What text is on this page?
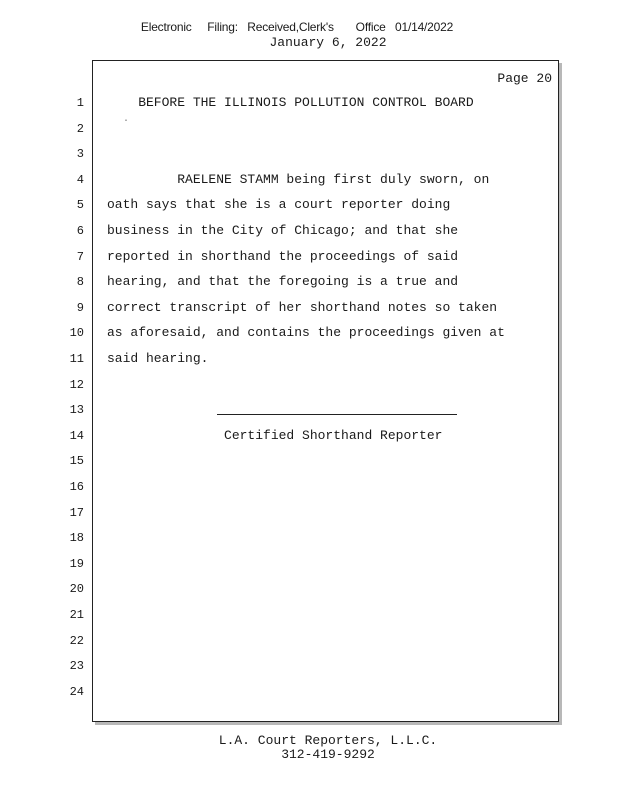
Electronic     Filing:   Received,Clerk's       Office   01/14/2022
January 6, 2022
Page 20
1 BEFORE THE ILLINOIS POLLUTION CONTROL BOARD
2
3
4 RAELENE STAMM being first duly sworn, on
5 oath says that she is a court reporter doing
6 business in the City of Chicago; and that she
7 reported in shorthand the proceedings of said
8 hearing, and that the foregoing is a true and
9 correct transcript of her shorthand notes so taken
10 as aforesaid, and contains the proceedings given at
11 said hearing.
12
13
14 Certified Shorthand Reporter
15
16
17
18
19
20
21
22
23
24
·
L.A. Court Reporters, L.L.C.
312-419-9292
